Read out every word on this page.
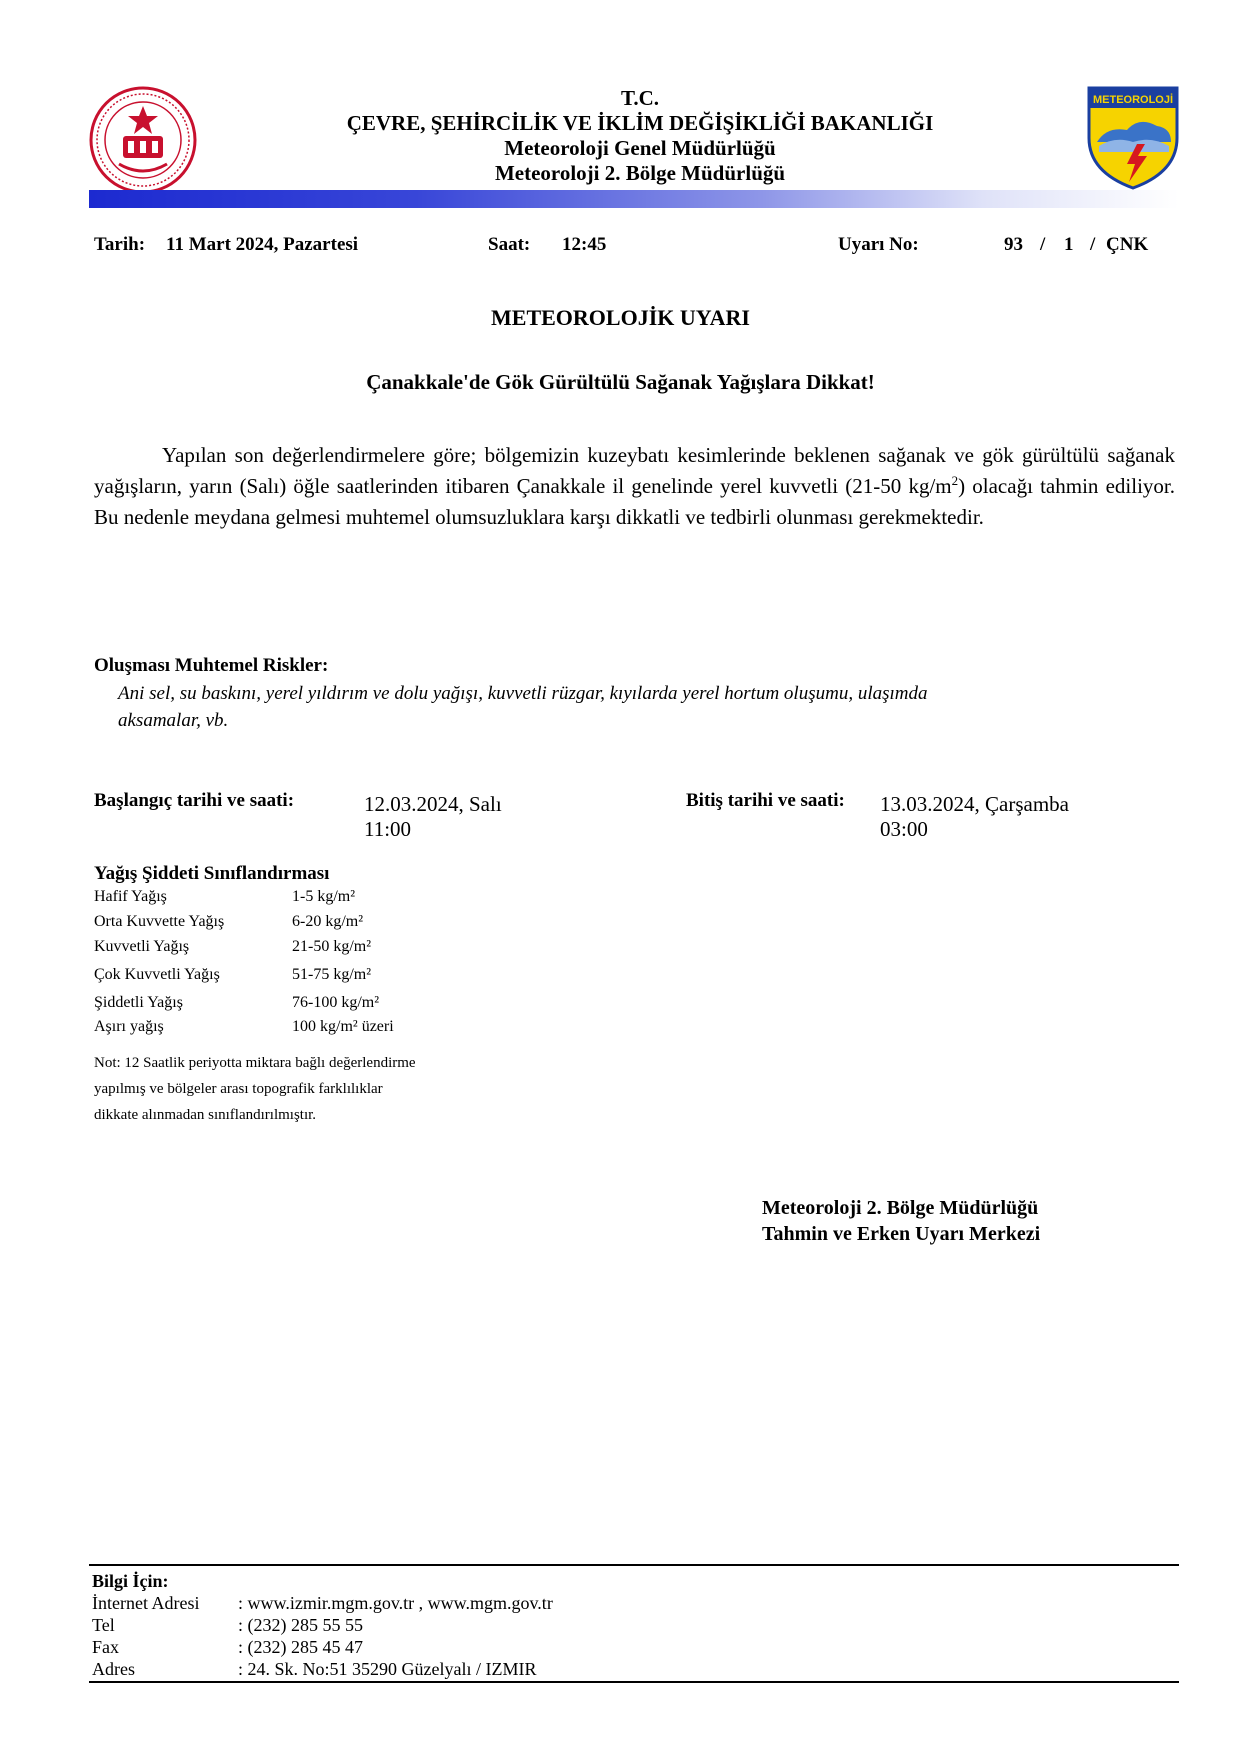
METEOROLOJİ
T.C.
ÇEVRE, ŞEHİRCİLİK VE İKLİM DEĞİŞİKLİĞİ BAKANLIĞI
Meteoroloji Genel Müdürlüğü
Meteoroloji 2. Bölge Müdürlüğü
Tarih: 11 Mart 2024, Pazartesi	Saat: 12:45	Uyarı No:	93 / 1 / ÇNK
METEOROLOJİK UYARI
Çanakkale'de Gök Gürültülü Sağanak Yağışlara Dikkat!

Yapılan son değerlendirmelere göre; bölgemizin kuzeybatı kesimlerinde beklenen sağanak ve gök gürültülü sağanak yağışların, yarın (Salı) öğle saatlerinden itibaren Çanakkale il genelinde yerel kuvvetli (21-50 $kg/m^2$) olacağı tahmin ediliyor. Bu nedenle meydana gelmesi muhtemel olumsuzluklara karşı dikkatli ve tedbirli olunması gerekmektedir.

Oluşması Muhtemel Riskler:
Ani sel, su baskını, yerel yıldırım ve dolu yağışı, kuvvetli rüzgar, kıyılarda yerel hortum oluşumu, ulaşımda
aksamalar, vb.
Başlangıç tarihi ve saati:	12.03.2024, Salı
11:00
Bitiş tarihi ve saati: 13.03.2024, Çarşamba
03:00
Yağış Şiddeti Sınıflandırması
Hafif Yağış	1-5 kg/m²
Orta Kuvvette Yağış	6-20 kg/m²
Kuvvetli Yağış	21-50 kg/m²
Çok Kuvvetli Yağış	51-75 kg/m²
Şiddetli Yağış	76-100 kg/m²
Aşırı yağış	100 kg/m² üzeri
Not: 12 Saatlik periyotta miktara bağlı değerlendirme
yapılmış ve bölgeler arası topografik farklılıklar
dikkate alınmadan sınıflandırılmıştır.
Meteoroloji 2. Bölge Müdürlüğü
Tahmin ve Erken Uyarı Merkezi
Bilgi İçin:
İnternet Adresi : www.izmir.mgm.gov.tr , www.mgm.gov.tr
Tel	: (232) 285 55 55
Fax	: (232) 285 45 47
Adres	: 24. Sk. No:51 35290 Güzelyalı / IZMIR
